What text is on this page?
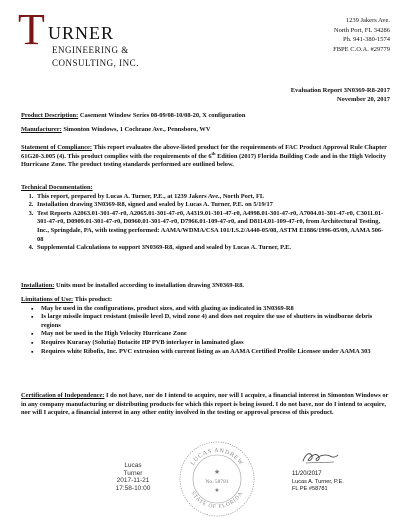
T URNER
ENGINEERING &
CONSULTING, INC.
1239 Jakers Ave.
North Port, FL 34286
Ph. 941-380-1574
FBPE C.O.A. #29779
Evaluation Report 3N0369-R8-2017
November 20, 2017
Product Description: Casement Window Series 08-09/08-10/08-20, X configuration
Manufacturer: Simonton Windows, 1 Cochrane Ave., Pennsboro, WV
Statement of Compliance: This report evaluates the above-listed product for the requirements of FAC Product Approval Rule Chapter 61G20-3.005 (4). This product complies with the requirements of the 6th Edition (2017) Florida Building Code and in the High Velocity Hurricane Zone. The product testing standards performed are outlined below.
Technical Documentation:
1. This report, prepared by Lucas A. Turner, P.E., at 1239 Jakers Ave., North Port, FL
2. Installation drawing 3N0369-R8, signed and sealed by Lucas A. Turner, P.E. on 5/19/17
3. Test Reports A2063.01-301-47-r0, A2065.01-301-47-r0, A4319.01-301-47-r0, A4998.01-301-47-r0, A7004.01-301-47-r0, C3011.01-301-47-r0, D0909.01-301-47-r0, D0960.01-301-47-r0, D7966.01-109-47-r0, and D8114.01-109-47-r0, from Architectural Testing, Inc., Springdale, PA, with testing performed: AAMA/WDMA/CSA 101/I.S.2/A440-05/08, ASTM E1886/1996-05/09, AAMA 506-08
4. Supplemental Calculations to support 3N0369-R8, signed and sealed by Lucas A. Turner, P.E.
Installation: Units must be installed according to installation drawing 3N0369-R8.
Limitations of Use: This product:
▪ May be used in the configurations, product sizes, and with glazing as indicated in 3N0369-R8
▪ Is large missile impact resistant (missile level D, wind zone 4) and does not require the use of shutters in windborne debris regions
▪ May not be used in the High Velocity Hurricane Zone
▪ Requires Kuraray (Solutia) Butacite HP PVB interlayer in laminated glass
▪ Requires white Ribofix, Inc. PVC extrusion with current listing as an AAMA Certified Profile Licensee under AAMA 303
Certification of Independence: I do not have, nor do I intend to acquire, nor will I acquire, a financial interest in Simonton Windows or in any company manufacturing or distributing products for which this report is being issued. I do not have, nor do I intend to acquire, nor will I acquire, a financial interest in any other entity involved in the testing or approval process of this product.
Lucas
Turner
2017-11-21
17:58-10:00
LUCAS ANDREW
STATE OF FLORIDA
★
No. 58781
★
11/20/2017
Lucas A. Turner, P.E.
FL PE #58781
